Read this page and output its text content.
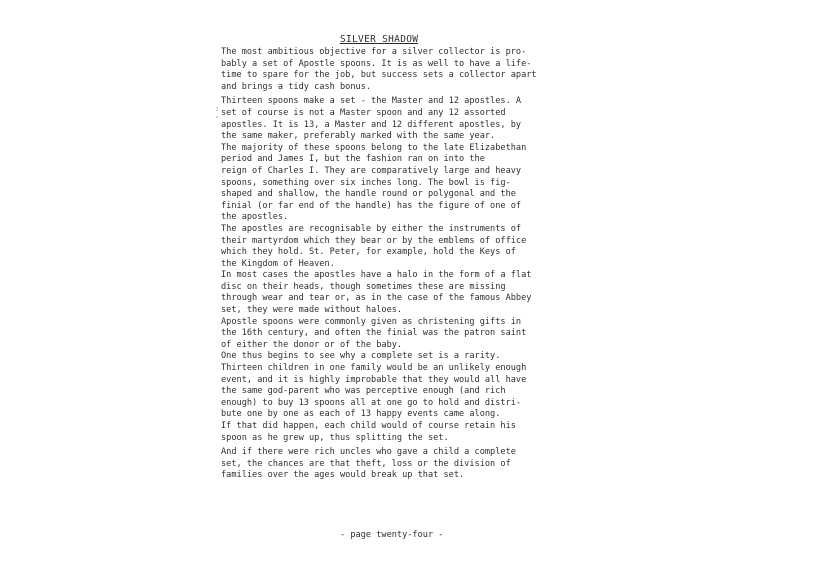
SILVER SHADOW
:
'
The most ambitious objective for a silver collector is pro-
bably a set of Apostle spoons. It is as well to have a life-
time to spare for the job, but success sets a collector apart
and brings a tidy cash bonus.
Thirteen spoons make a set - the Master and 12 apostles. A
set of course is not a Master spoon and any 12 assorted
apostles. It is 13, a Master and 12 different apostles, by
the same maker, preferably marked with the same year.
The majority of these spoons belong to the late Elizabethan
period and James I, but the fashion ran on into the
reign of Charles I. They are comparatively large and heavy
spoons, something over six inches long. The bowl is fig-
shaped and shallow, the handle round or polygonal and the
finial (or far end of the handle) has the figure of one of
the apostles.
The apostles are recognisable by either the instruments of
their martyrdom which they bear or by the emblems of office
which they hold. St. Peter, for example, hold the Keys of
the Kingdom of Heaven.
In most cases the apostles have a halo in the form of a flat
disc on their heads, though sometimes these are missing
through wear and tear or, as in the case of the famous Abbey
set, they were made without haloes.
Apostle spoons were commonly given as christening gifts in
the 16th century, and often the finial was the patron saint
of either the donor or of the baby.
One thus begins to see why a complete set is a rarity.
Thirteen children in one family would be an unlikely enough
event, and it is highly improbable that they would all have
the same god-parent who was perceptive enough (and rich
enough) to buy 13 spoons all at one go to hold and distri-
bute one by one as each of 13 happy events came along.
If that did happen, each child would of course retain his
spoon as he grew up, thus splitting the set.
And if there were rich uncles who gave a child a complete
set, the chances are that theft, loss or the division of
families over the ages would break up that set.
- page twenty-four -
